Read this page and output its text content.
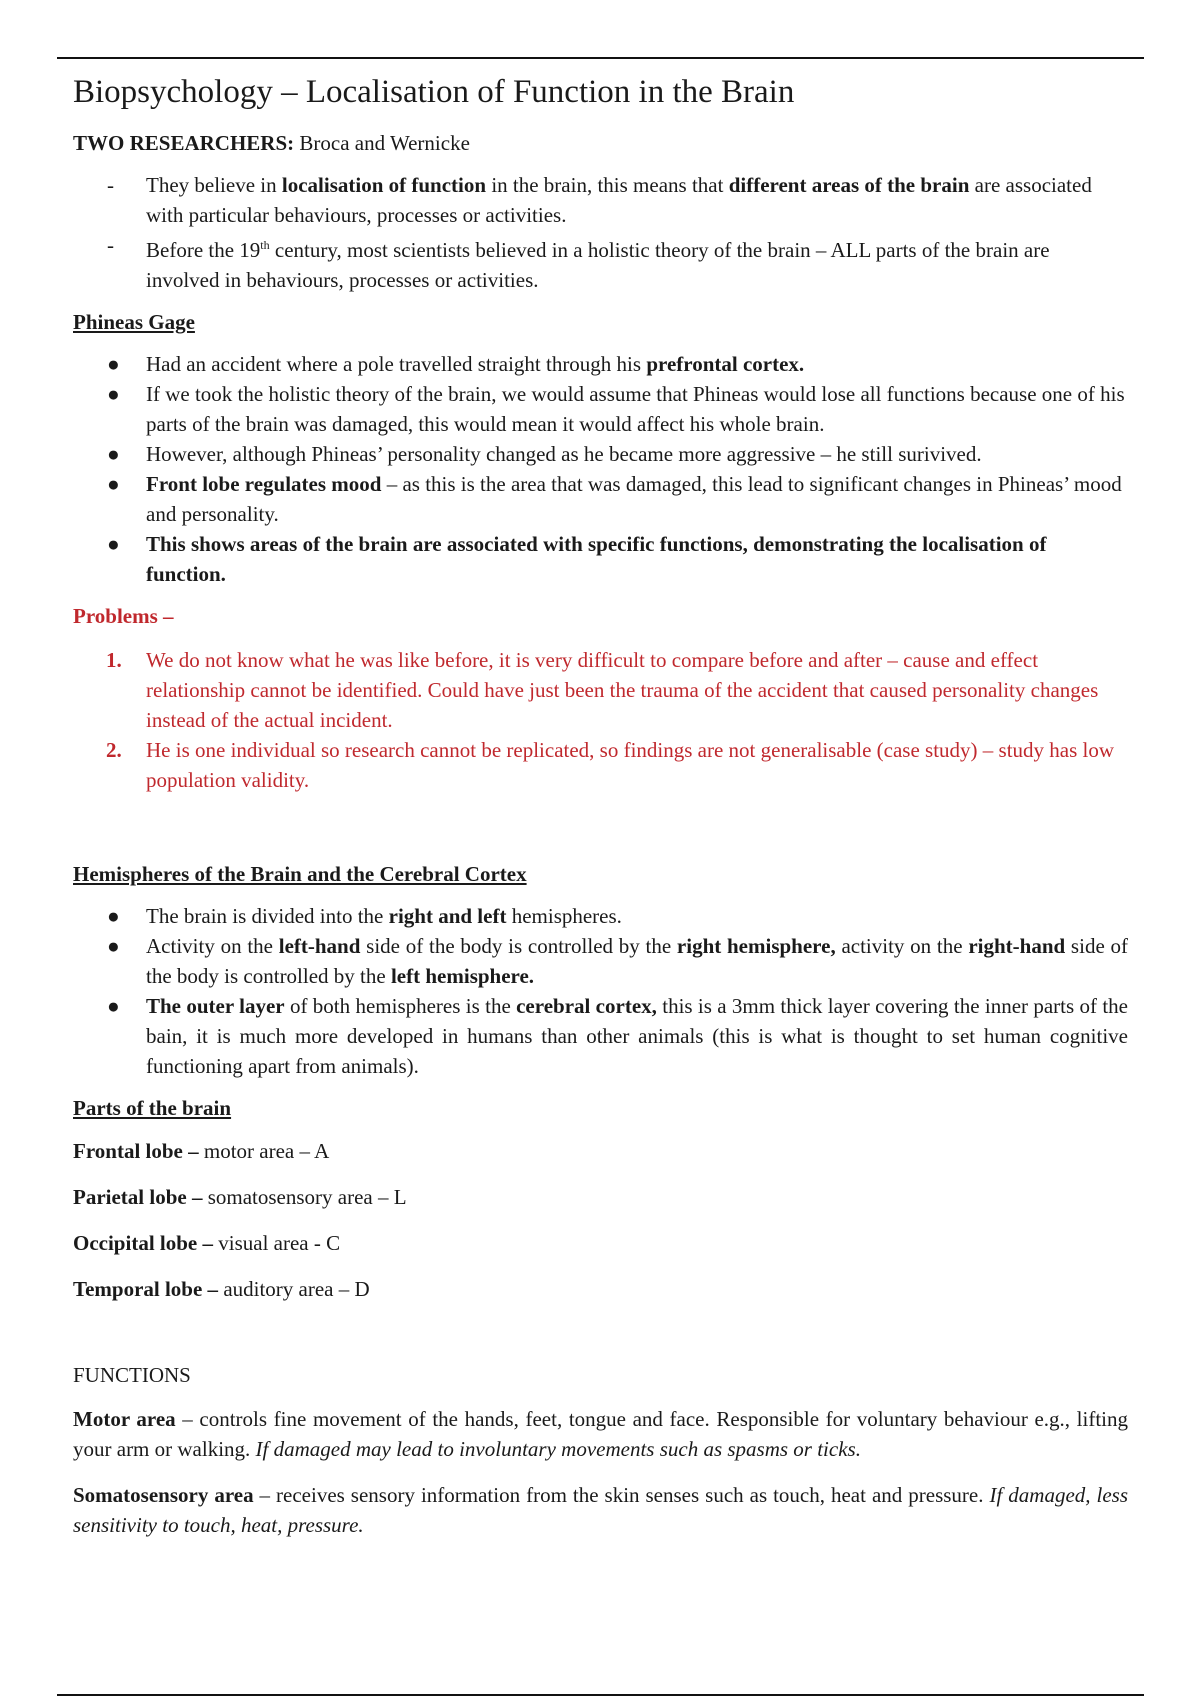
Biopsychology – Localisation of Function in the Brain

TWO RESEARCHERS: Broca and Wernicke

-	They believe in localisation of function in the brain, this means that different areas of the brain are associated with particular behaviours, processes or activities.
-	Before the 19th century, most scientists believed in a holistic theory of the brain – ALL parts of the brain are involved in behaviours, processes or activities.

Phineas Gage

●	Had an accident where a pole travelled straight through his prefrontal cortex.
●	If we took the holistic theory of the brain, we would assume that Phineas would lose all functions because one of his parts of the brain was damaged, this would mean it would affect his whole brain.
●	However, although Phineas’ personality changed as he became more aggressive – he still surivived.
●	Front lobe regulates mood – as this is the area that was damaged, this lead to significant changes in Phineas’ mood and personality.
●	This shows areas of the brain are associated with specific functions, demonstrating the localisation of function.

Problems –

1.	We do not know what he was like before, it is very difficult to compare before and after – cause and effect relationship cannot be identified. Could have just been the trauma of the accident that caused personality changes instead of the actual incident.
2.	He is one individual so research cannot be replicated, so findings are not generalisable (case study) – study has low population validity.

Hemispheres of the Brain and the Cerebral Cortex

●	The brain is divided into the right and left hemispheres.
●	Activity on the left-hand side of the body is controlled by the right hemisphere, activity on the right-hand side of the body is controlled by the left hemisphere.
●	The outer layer of both hemispheres is the cerebral cortex, this is a 3mm thick layer covering the inner parts of the bain, it is much more developed in humans than other animals (this is what is thought to set human cognitive functioning apart from animals).

Parts of the brain

Frontal lobe – motor area – A

Parietal lobe – somatosensory area – L

Occipital lobe – visual area - C

Temporal lobe – auditory area – D

FUNCTIONS

Motor area – controls fine movement of the hands, feet, tongue and face. Responsible for voluntary behaviour e.g., lifting your arm or walking. If damaged may lead to involuntary movements such as spasms or ticks.

Somatosensory area – receives sensory information from the skin senses such as touch, heat and pressure. If damaged, less sensitivity to touch, heat, pressure.
